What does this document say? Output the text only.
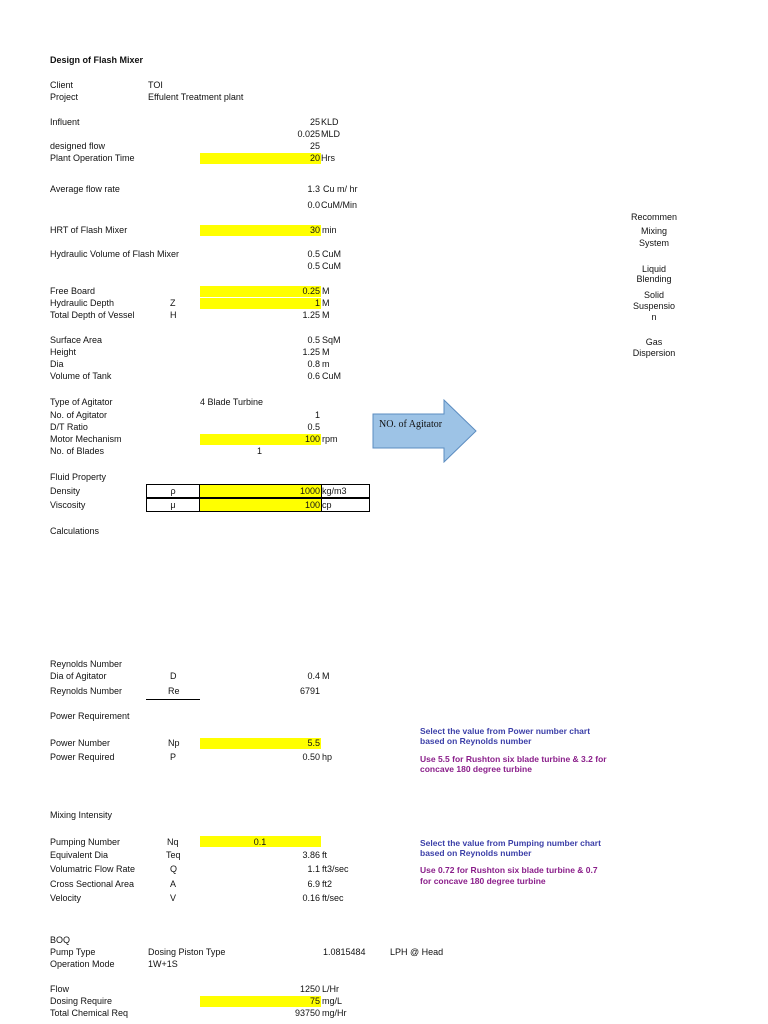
Design of Flash Mixer
Client	TOI
Project	Effulent Treatment plant
Influent	25 KLD
0.025 MLD
designed flow	25
Plant Operation Time	20 Hrs
Average flow rate	1.3 Cu m/ hr
0.0 CuM/Min
HRT of Flash Mixer	30 min
Hydraulic Volume of Flash Mixer	0.5 CuM
0.5 CuM
Free Board	0.25 M
Hydraulic Depth	Z	1 M
Total Depth of Vessel	H	1.25 M
Surface Area	0.5 SqM
Height	1.25 M
Dia	0.8 m
Volume of Tank	0.6 CuM
Type of Agitator	4 Blade Turbine
No. of Agitator	1
D/T Ratio	0.5
Motor Mechanism	100 rpm
No. of Blades	1
NO. of Agitator
Recommen
Mixing
System
Liquid
Blending
Solid
Suspensio
n
Gas
Dispersion
Fluid Property
Density	ρ	1000 kg/m3
Viscosity	μ	100 cp
Calculations
Reynolds Number
Dia of Agitator	D	0.4 M
Reynolds Number	Re	6791
Power Requirement
Power Number	Np	5.5
Power Required	P	0.50 hp
Select the value from Power number chart
based on Reynolds number
Use 5.5 for Rushton six blade turbine & 3.2 for
concave 180 degree turbine
Mixing Intensity
Pumping Number	Nq	0.1
Equivalent Dia	Teq	3.86 ft
Volumatric Flow Rate	Q	1.1 ft3/sec
Cross Sectional Area	A	6.9 ft2
Velocity	V	0.16 ft/sec
Select the value from Pumping number chart
based on Reynolds number
Use 0.72 for Rushton six blade turbine & 0.7
for concave 180 degree turbine
BOQ
Pump Type	Dosing Piston Type	1.0815484	LPH @ Head
Operation Mode	1W+1S
Flow	1250 L/Hr
Dosing Require	75 mg/L
Total Chemical Req	93750 mg/Hr
